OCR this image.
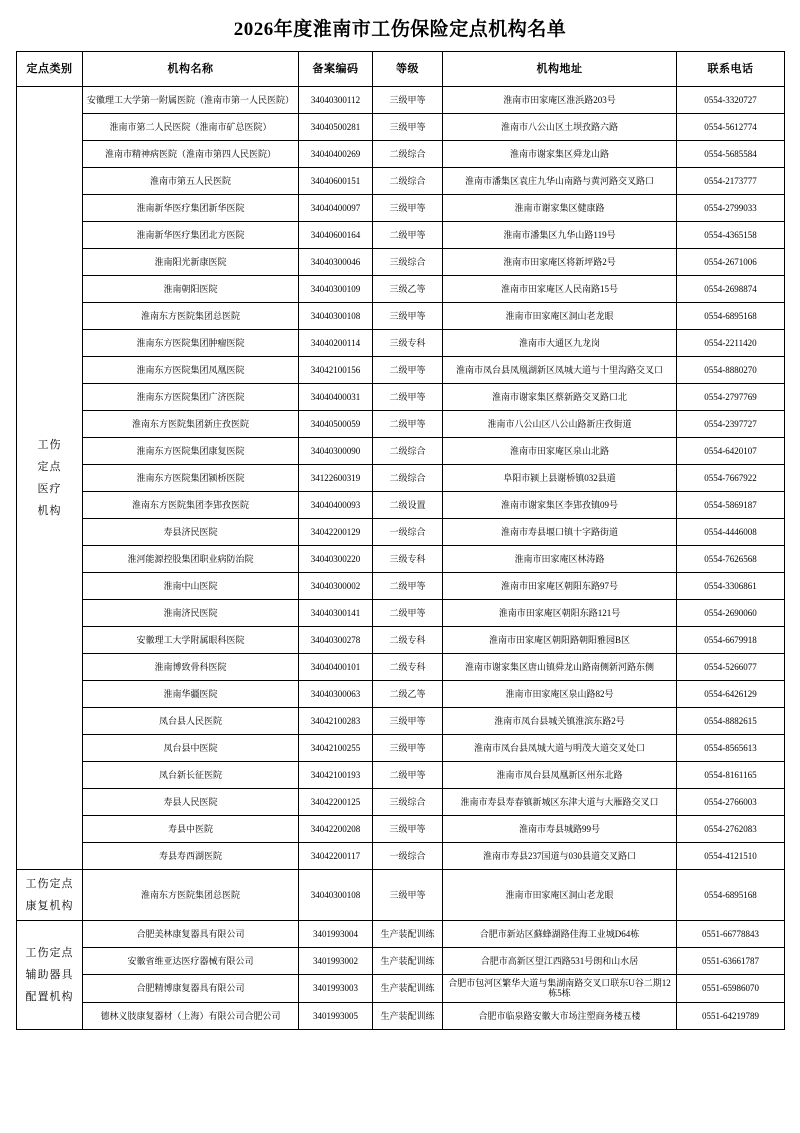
2026年度淮南市工伤保险定点机构名单
定点类别	机构名称	备案编码	等级	机构地址	联系电话

工伤
定点
医疗
机构	安徽理工大学第一附属医院（淮南市第一人民医院）	34040300112	三级甲等	淮南市田家庵区淮浜路203号	0554-3320727
	淮南市第二人民医院（淮南市矿总医院）	34040500281	三级甲等	淮南市八公山区土坝孜路六路	0554-5612774
	淮南市精神病医院（淮南市第四人民医院）	34040400269	二级综合	淮南市谢家集区舜龙山路	0554-5685584
	淮南市第五人民医院	34040600151	二级综合	淮南市潘集区袁庄九华山南路与黄河路交叉路口	0554-2173777
	淮南新华医疗集团新华医院	34040400097	三级甲等	淮南市谢家集区健康路	0554-2799033
	淮南新华医疗集团北方医院	34040600164	二级甲等	淮南市潘集区九华山路119号	0554-4365158
	淮南阳光新康医院	34040300046	三级综合	淮南市田家庵区将新坪路2号	0554-2671006
	淮南朝阳医院	34040300109	三级乙等	淮南市田家庵区人民南路15号	0554-2698874
	淮南东方医院集团总医院	34040300108	三级甲等	淮南市田家庵区洞山老龙眼	0554-6895168
	淮南东方医院集团肿瘤医院	34040200114	三级专科	淮南市大通区九龙岗	0554-2211420
	淮南东方医院集团凤凰医院	34042100156	二级甲等	淮南市凤台县凤凰湖新区凤城大道与十里沟路交叉口	0554-8880270
	淮南东方医院集团广济医院	34040400031	二级甲等	淮南市谢家集区蔡新路交叉路口北	0554-2797769
	淮南东方医院集团新庄孜医院	34040500059	二级甲等	淮南市八公山区八公山路新庄孜街道	0554-2397727
	淮南东方医院集团康复医院	34040300090	二级综合	淮南市田家庵区泉山北路	0554-6420107
	淮南东方医院集团颍桥医院	34122600319	二级综合	阜阳市颍上县谢桥镇032县道	0554-7667922
	淮南东方医院集团李郢孜医院	34040400093	二级设置	淮南市谢家集区李郢孜镇09号	0554-5869187
	寿县济民医院	34042200129	一级综合	淮南市寿县堰口镇十字路街道	0554-4446008
	淮河能源控股集团职业病防治院	34040300220	三级专科	淮南市田家庵区林涛路	0554-7626568
	淮南中山医院	34040300002	二级甲等	淮南市田家庵区朝阳东路97号	0554-3306861
	淮南济民医院	34040300141	二级甲等	淮南市田家庵区朝阳东路121号	0554-2690060
	安徽理工大学附属眼科医院	34040300278	二级专科	淮南市田家庵区朝阳路朝阳雅园B区	0554-6679918
	淮南博致骨科医院	34040400101	二级专科	淮南市谢家集区唐山镇舜龙山路南侧新河路东侧	0554-5266077
	淮南华疆医院	34040300063	二级乙等	淮南市田家庵区泉山路82号	0554-6426129
	凤台县人民医院	34042100283	三级甲等	淮南市凤台县城关镇淮滨东路2号	0554-8882615
	凤台县中医院	34042100255	三级甲等	淮南市凤台县凤城大道与明茂大道交叉处口	0554-8565613
	凤台新长征医院	34042100193	二级甲等	淮南市凤台县凤凰新区州东北路	0554-8161165
	寿县人民医院	34042200125	三级综合	淮南市寿县寿春镇新城区东津大道与大雁路交叉口	0554-2766003
	寿县中医院	34042200208	三级甲等	淮南市寿县城路99号	0554-2762083
	寿县寿西湖医院	34042200117	一级综合	淮南市寿县237国道与030县道交叉路口	0554-4121510

工伤定点
康复机构	淮南东方医院集团总医院	34040300108	三级甲等	淮南市田家庵区洞山老龙眼	0554-6895168

工伤定点
辅助器具
配置机构	合肥美林康复器具有限公司	3401993004	生产装配训练	合肥市新站区蘇蜂湖路佳海工业城D64栋	0551-66778843
	安徽省维亚达医疗器械有限公司	3401993002	生产装配训练	合肥市高新区望江西路531号朗和山水居	0551-63661787
	合肥精博康复器具有限公司	3401993003	生产装配训练	合肥市包河区繁华大道与集湖南路交叉口联东U谷二期12栋5栋	0551-65986070
	德林义肢康复器材（上海）有限公司合肥公司	3401993005	生产装配训练	合肥市临泉路安徽大市场注塑商务楼五楼	0551-64219789
